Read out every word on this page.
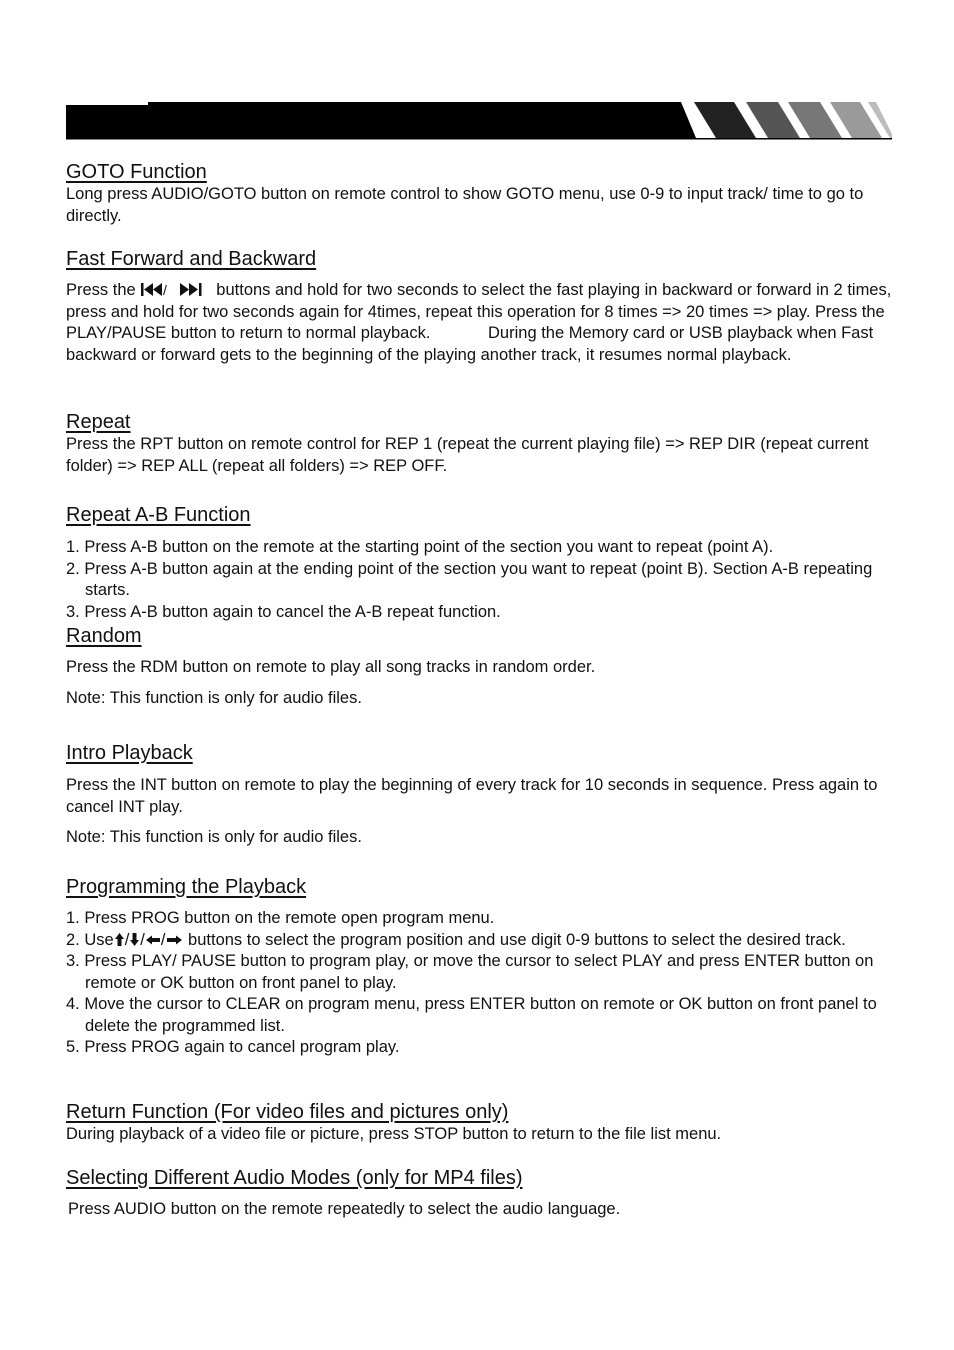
GOTO Function
Long press AUDIO/GOTO button on remote control to show GOTO menu, use 0-9 to input track/ time to go to directly.
Fast Forward and Backward
Press the /	buttons and hold for two seconds to select the fast playing in backward or forward in 2 times, press and hold for two seconds again for 4times, repeat this operation for 8 times => 20 times => play. Press the PLAY/PAUSE button to return to normal playback.	During the Memory card or USB playback when Fast backward or forward gets to the beginning of the playing another track, it resumes normal playback.
Repeat
Press the RPT button on remote control for REP 1 (repeat the current playing file) => REP DIR (repeat current folder) => REP ALL (repeat all folders) => REP OFF.
Repeat A-B Function
1. Press A-B button on the remote at the starting point of the section you want to repeat (point A).
2. Press A-B button again at the ending point of the section you want to repeat (point B). Section A-B repeating starts.
3. Press A-B button again to cancel the A-B repeat function.
Random
Press the RDM button on remote to play all song tracks in random order.
Note: This function is only for audio files.
Intro Playback
Press the INT button on remote to play the beginning of every track for 10 seconds in sequence. Press again to cancel INT play.
Note: This function is only for audio files.
Programming the Playback
1. Press PROG button on the remote open program menu.
2. Use / / / buttons to select the program position and use digit 0-9 buttons to select the desired track.
3. Press PLAY/ PAUSE button to program play, or move the cursor to select PLAY and press ENTER button on remote or OK button on front panel to play.
4. Move the cursor to CLEAR on program menu, press ENTER button on remote or OK button on front panel to delete the programmed list.
5. Press PROG again to cancel program play.
Return Function (For video files and pictures only)
During playback of a video file or picture, press STOP button to return to the file list menu.
Selecting Different Audio Modes (only for MP4 files)
Press AUDIO button on the remote repeatedly to select the audio language.
